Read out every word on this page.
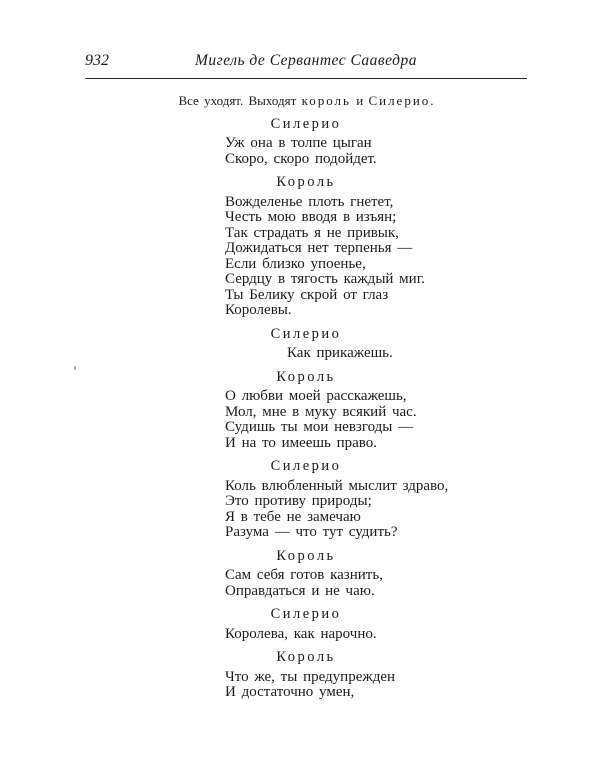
932	Мигель де Сервантес Сааведра
Все уходят. Выходят король и Силерио.
Силерио
Уж она в толпе цыган
Скоро, скоро подойдет.
Король
Вожделенье плоть гнетет,
Честь мою вводя в изъян;
Так страдать я не привык,
Дожидаться нет терпенья —
Если близко упоенье,
Сердцу в тягость каждый миг.
Ты Белику скрой от глаз
Королевы.
Силерио
Как прикажешь.
Король
О любви моей расскажешь,
Мол, мне в муку всякий час.
Судишь ты мои невзгоды —
И на то имеешь право.
Силерио
Коль влюбленный мыслит здраво,
Это противу природы;
Я в тебе не замечаю
Разума — что тут судить?
Король
Сам себя готов казнить,
Оправдаться и не чаю.
Силерио
Королева, как нарочно.
Король
Что же, ты предупрежден
И достаточно умен,
